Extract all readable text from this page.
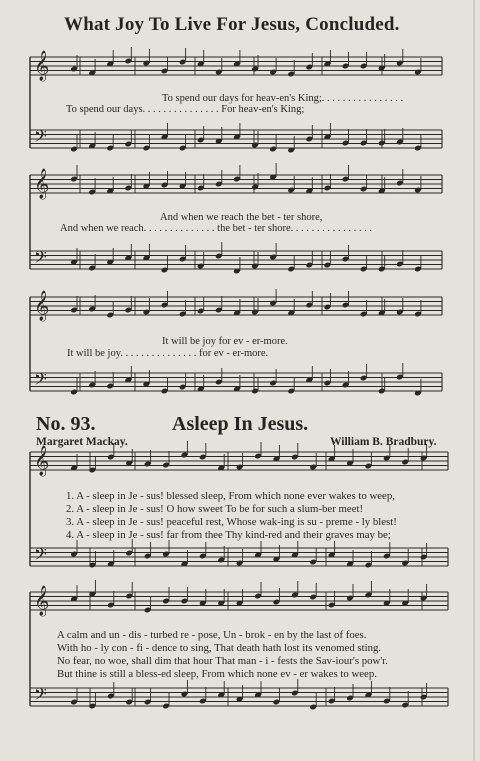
What Joy To Live For Jesus, Concluded.
𝄞
𝄢
𝄞
𝄢
𝄞
𝄢
𝄞
𝄢
𝄞
𝄢
To spend our days for heav-en's King;. . . . . . . . . . . . . . . .
To spend our days. . . . . . . . . . . . . . . For heav-en's King;
And when we reach the bet - ter shore,
And when we reach. . . . . . . . . . . . . . the bet - ter shore. . . . . . . . . . . . . . . .
It will be joy for ev - er-more.
It will be joy. . . . . . . . . . . . . . . for ev - er-more.
No. 93.	Asleep In Jesus.
Margaret Mackay.	William B. Bradbury.
1. A - sleep in Je - sus! blessed sleep, From which none ever wakes to weep,
2. A - sleep in Je - sus! O how sweet To be for such a slum-ber meet!
3. A - sleep in Je - sus! peaceful rest, Whose wak-ing is su - preme - ly blest!
4. A - sleep in Je - sus! far from thee Thy kind-red and their graves may be;
A calm and un - dis - turbed re - pose, Un - brok - en by the last of foes.
With ho - ly con - fi - dence to sing, That death hath lost its venomed sting.
No fear, no woe, shall dim that hour That man - i - fests the Sav-iour's pow'r.
But thine is still a bless-ed sleep, From which none ev - er wakes to weep.
